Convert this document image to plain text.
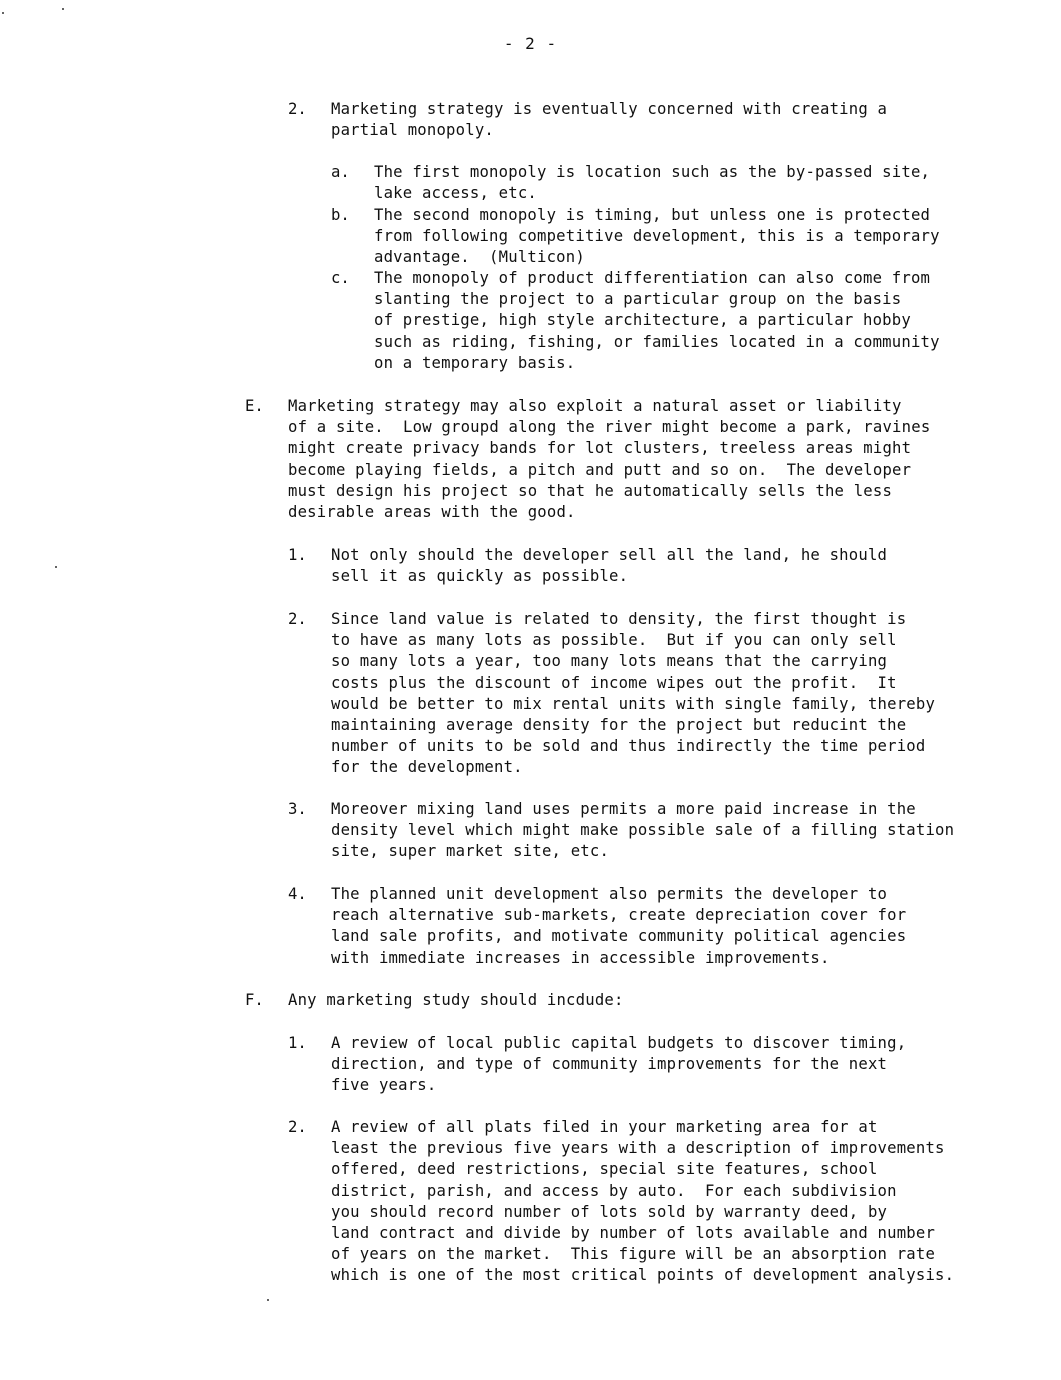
- 2 -
2. Marketing strategy is eventually concerned with creating a
partial monopoly.
a. The first monopoly is location such as the by-passed site,
lake access, etc.
b. The second monopoly is timing, but unless one is protected
from following competitive development, this is a temporary
advantage.  (Multicon)
c. The monopoly of product differentiation can also come from
slanting the project to a particular group on the basis
of prestige, high style architecture, a particular hobby
such as riding, fishing, or families located in a community
on a temporary basis.
E. Marketing strategy may also exploit a natural asset or liability
of a site.  Low groupd along the river might become a park, ravines
might create privacy bands for lot clusters, treeless areas might
become playing fields, a pitch and putt and so on.  The developer
must design his project so that he automatically sells the less
desirable areas with the good.
1. Not only should the developer sell all the land, he should
sell it as quickly as possible.
2. Since land value is related to density, the first thought is
to have as many lots as possible.  But if you can only sell
so many lots a year, too many lots means that the carrying
costs plus the discount of income wipes out the profit.  It
would be better to mix rental units with single family, thereby
maintaining average density for the project but reducint the
number of units to be sold and thus indirectly the time period
for the development.
3. Moreover mixing land uses permits a more paid increase in the
density level which might make possible sale of a filling station
site, super market site, etc.
4. The planned unit development also permits the developer to
reach alternative sub-markets, create depreciation cover for
land sale profits, and motivate community political agencies
with immediate increases in accessible improvements.
F. Any marketing study should incdude:
1. A review of local public capital budgets to discover timing,
direction, and type of community improvements for the next
five years.
2. A review of all plats filed in your marketing area for at
least the previous five years with a description of improvements
offered, deed restrictions, special site features, school
district, parish, and access by auto.  For each subdivision
you should record number of lots sold by warranty deed, by
land contract and divide by number of lots available and number
of years on the market.  This figure will be an absorption rate
which is one of the most critical points of development analysis.
